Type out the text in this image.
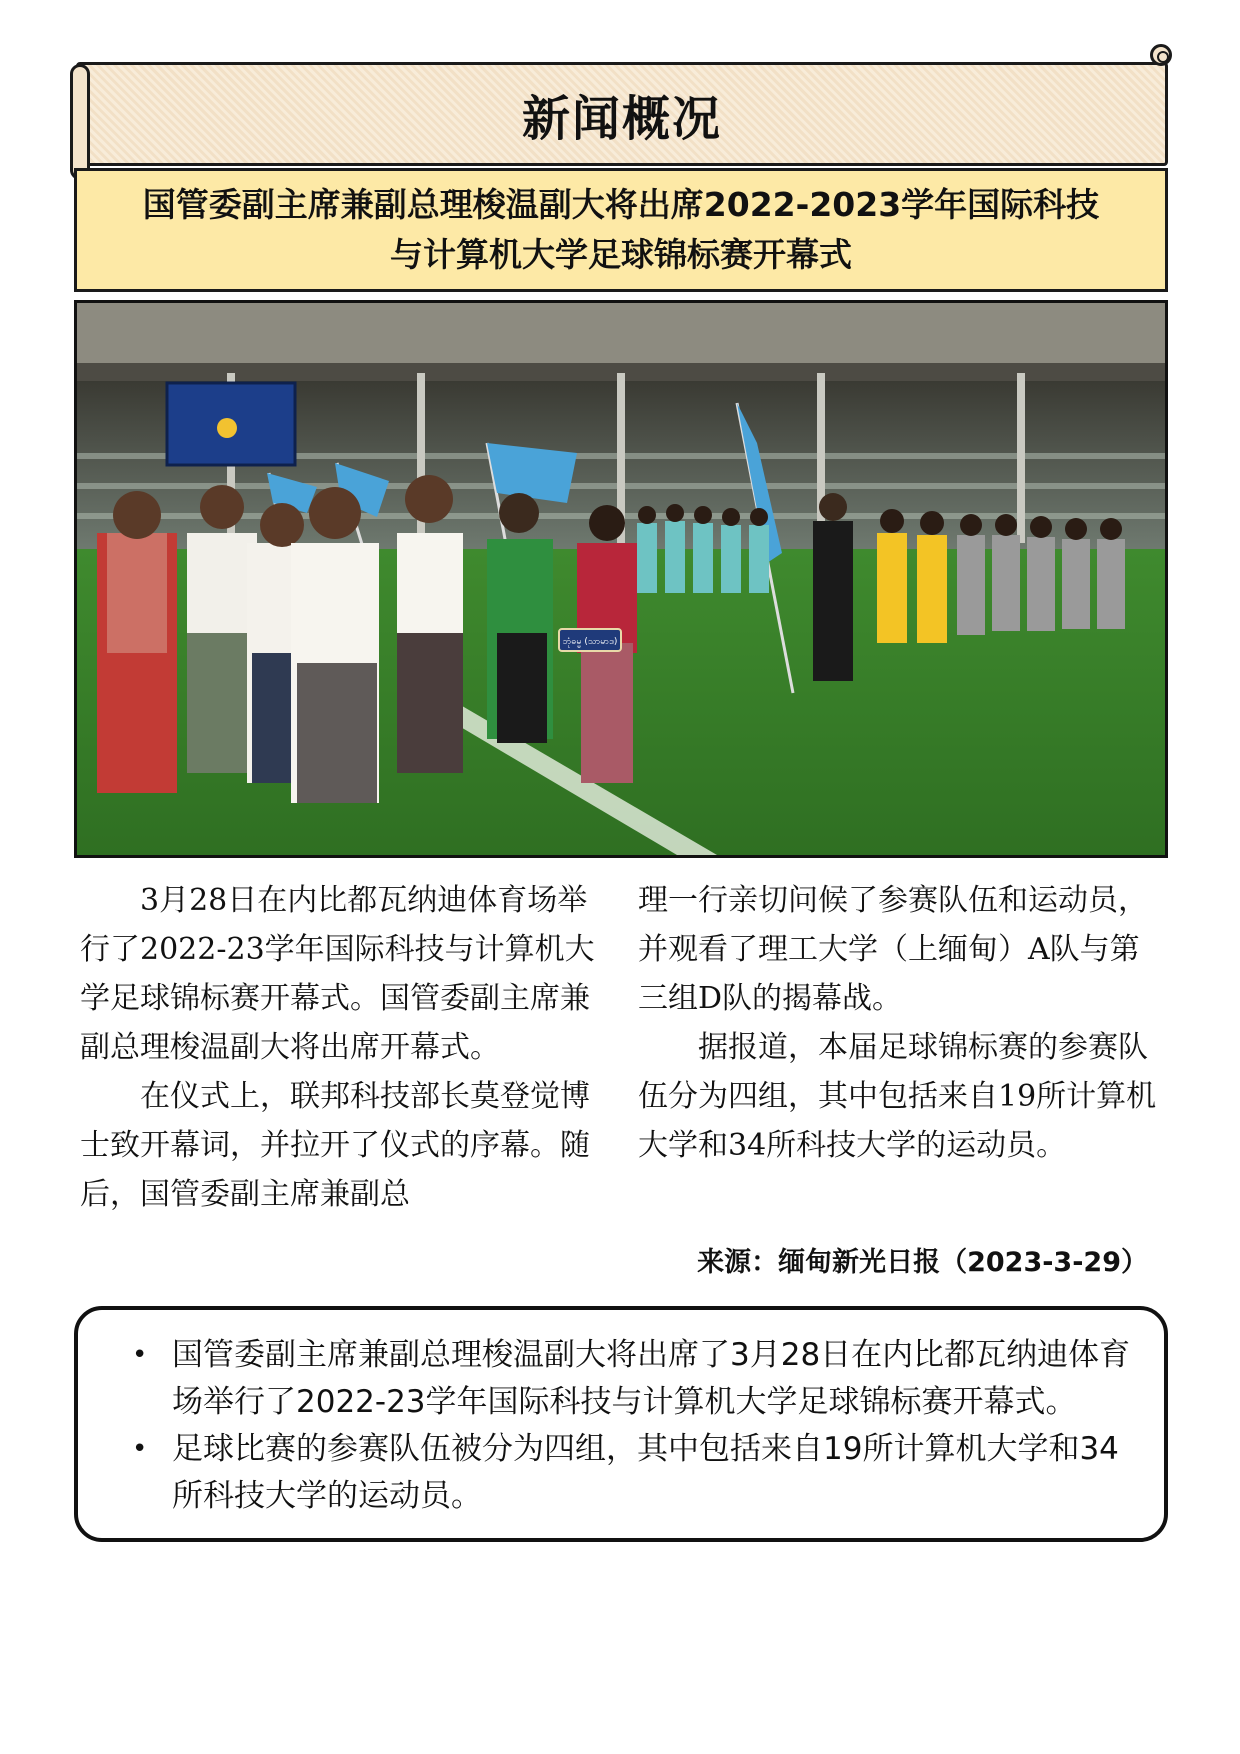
新闻概况
国管委副主席兼副总理梭温副大将出席2022-2023学年国际科技
与计算机大学足球锦标赛开幕式
ဘုံဓမ္မ (သာမာဒ)

3月28日在内比都瓦纳迪体育场举行了2022-23学年国际科技与计算机大学足球锦标赛开幕式。国管委副主席兼副总理梭温副大将出席开幕式。

在仪式上，联邦科技部长莫登觉博士致开幕词，并拉开了仪式的序幕。随后，国管委副主席兼副总

理一行亲切问候了参赛队伍和运动员，并观看了理工大学（上缅甸）A队与第三组D队的揭幕战。

据报道，本届足球锦标赛的参赛队伍分为四组，其中包括来自19所计算机大学和34所科技大学的运动员。

来源：缅甸新光日报（2023-3-29）
• 国管委副主席兼副总理梭温副大将出席了3月28日在内比都瓦纳迪体育场举行了2022-23学年国际科技与计算机大学足球锦标赛开幕式。
• 足球比赛的参赛队伍被分为四组，其中包括来自19所计算机大学和34所科技大学的运动员。
